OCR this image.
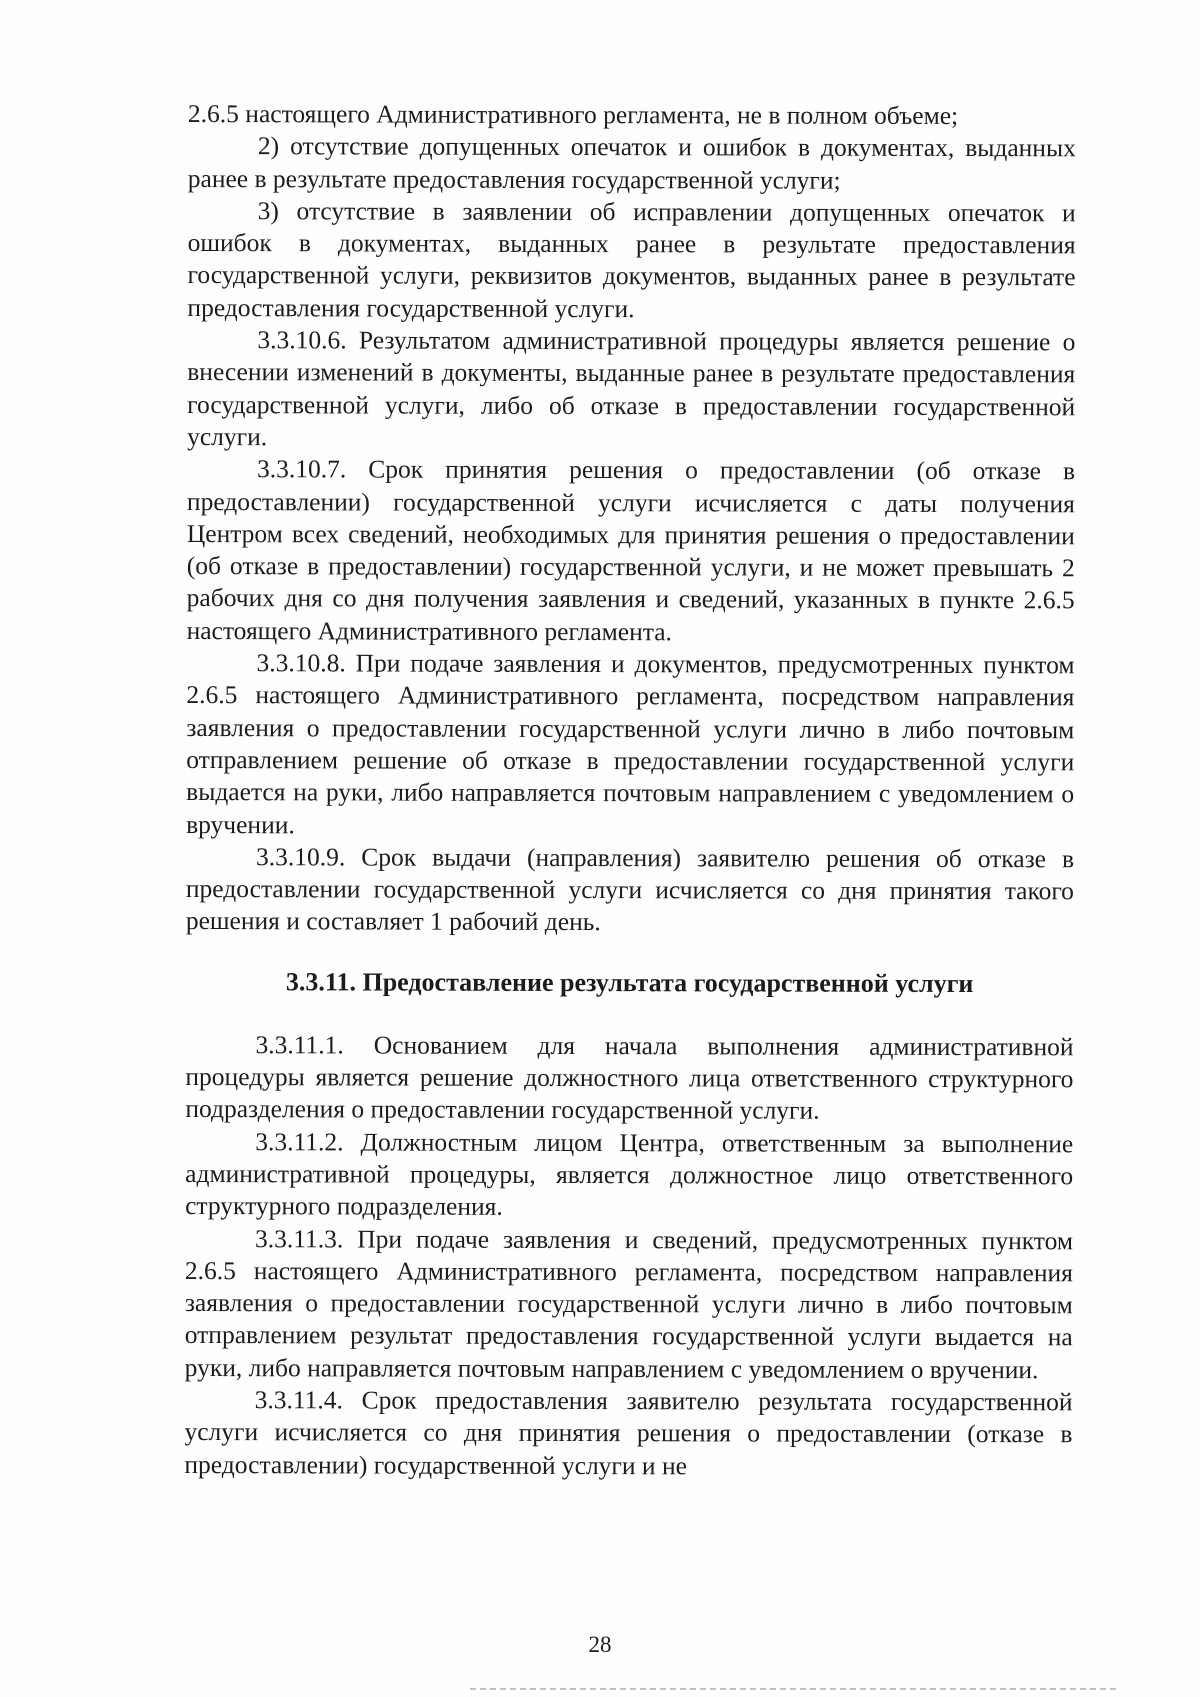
2.6.5 настоящего Административного регламента, не в полном объеме;

2) отсутствие допущенных опечаток и ошибок в документах, выданных ранее в результате предоставления государственной услуги;

3) отсутствие в заявлении об исправлении допущенных опечаток и ошибок в документах, выданных ранее в результате предоставления государственной услуги, реквизитов документов, выданных ранее в результате предоставления государственной услуги.

3.3.10.6. Результатом административной процедуры является решение о внесении изменений в документы, выданные ранее в результате предоставления государственной услуги, либо об отказе в предоставлении государственной услуги.

3.3.10.7. Срок принятия решения о предоставлении (об отказе в предоставлении) государственной услуги исчисляется с даты получения Центром всех сведений, необходимых для принятия решения о предоставлении (об отказе в предоставлении) государственной услуги, и не может превышать 2 рабочих дня со дня получения заявления и сведений, указанных в пункте 2.6.5 настоящего Административного регламента.

3.3.10.8. При подаче заявления и документов, предусмотренных пунктом 2.6.5 настоящего Административного регламента, посредством направления заявления о предоставлении государственной услуги лично в либо почтовым отправлением решение об отказе в предоставлении государственной услуги выдается на руки, либо направляется почтовым направлением с уведомлением о вручении.

3.3.10.9. Срок выдачи (направления) заявителю решения об отказе в предоставлении государственной услуги исчисляется со дня принятия такого решения и составляет 1 рабочий день.

3.3.11. Предоставление результата государственной услуги

3.3.11.1. Основанием для начала выполнения административной процедуры является решение должностного лица ответственного структурного подразделения о предоставлении государственной услуги.

3.3.11.2. Должностным лицом Центра, ответственным за выполнение административной процедуры, является должностное лицо ответственного структурного подразделения.

3.3.11.3. При подаче заявления и сведений, предусмотренных пунктом 2.6.5 настоящего Административного регламента, посредством направления заявления о предоставлении государственной услуги лично в либо почтовым отправлением результат предоставления государственной услуги выдается на руки, либо направляется почтовым направлением с уведомлением о вручении.

3.3.11.4. Срок предоставления заявителю результата государственной услуги исчисляется со дня принятия решения о предоставлении (отказе в предоставлении) государственной услуги и не

28
